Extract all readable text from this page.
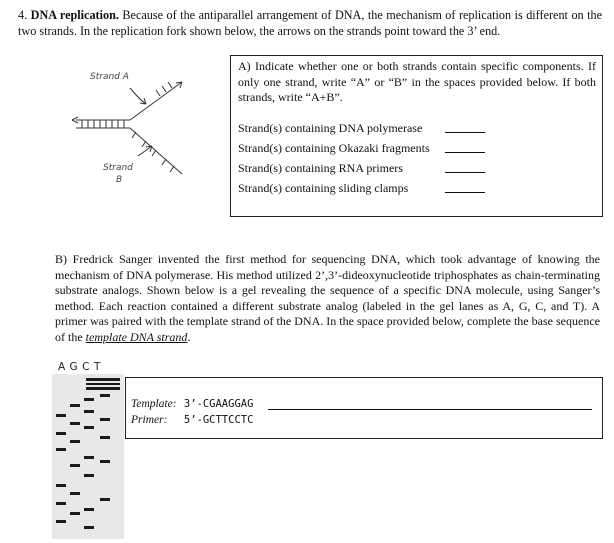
4. DNA replication. Because of the antiparallel arrangement of DNA, the mechanism of replication is different on the two strands. In the replication fork shown below, the arrows on the strands point toward the 3’ end.
Strand A
Strand
B
A) Indicate whether one or both strands contain specific components. If only one strand, write “A” or “B” in the spaces provided below. If both strands, write “A+B”.
Strand(s) containing DNA polymerase
Strand(s) containing Okazaki fragments
Strand(s) containing RNA primers
Strand(s) containing sliding clamps
B) Fredrick Sanger invented the first method for sequencing DNA, which took advantage of knowing the mechanism of DNA polymerase. His method utilized 2’,3’-dideoxynucleotide triphosphates as chain-terminating substrate analogs. Shown below is a gel revealing the sequence of a specific DNA molecule, using Sanger’s method. Each reaction contained a different substrate analog (labeled in the gel lanes as A, G, C, and T). A primer was paired with the template strand of the DNA. In the space provided below, complete the base sequence of the template DNA strand.
AGCT
Template: 3’-CGAAGGAG
Primer: 5’-GCTTCCTC
